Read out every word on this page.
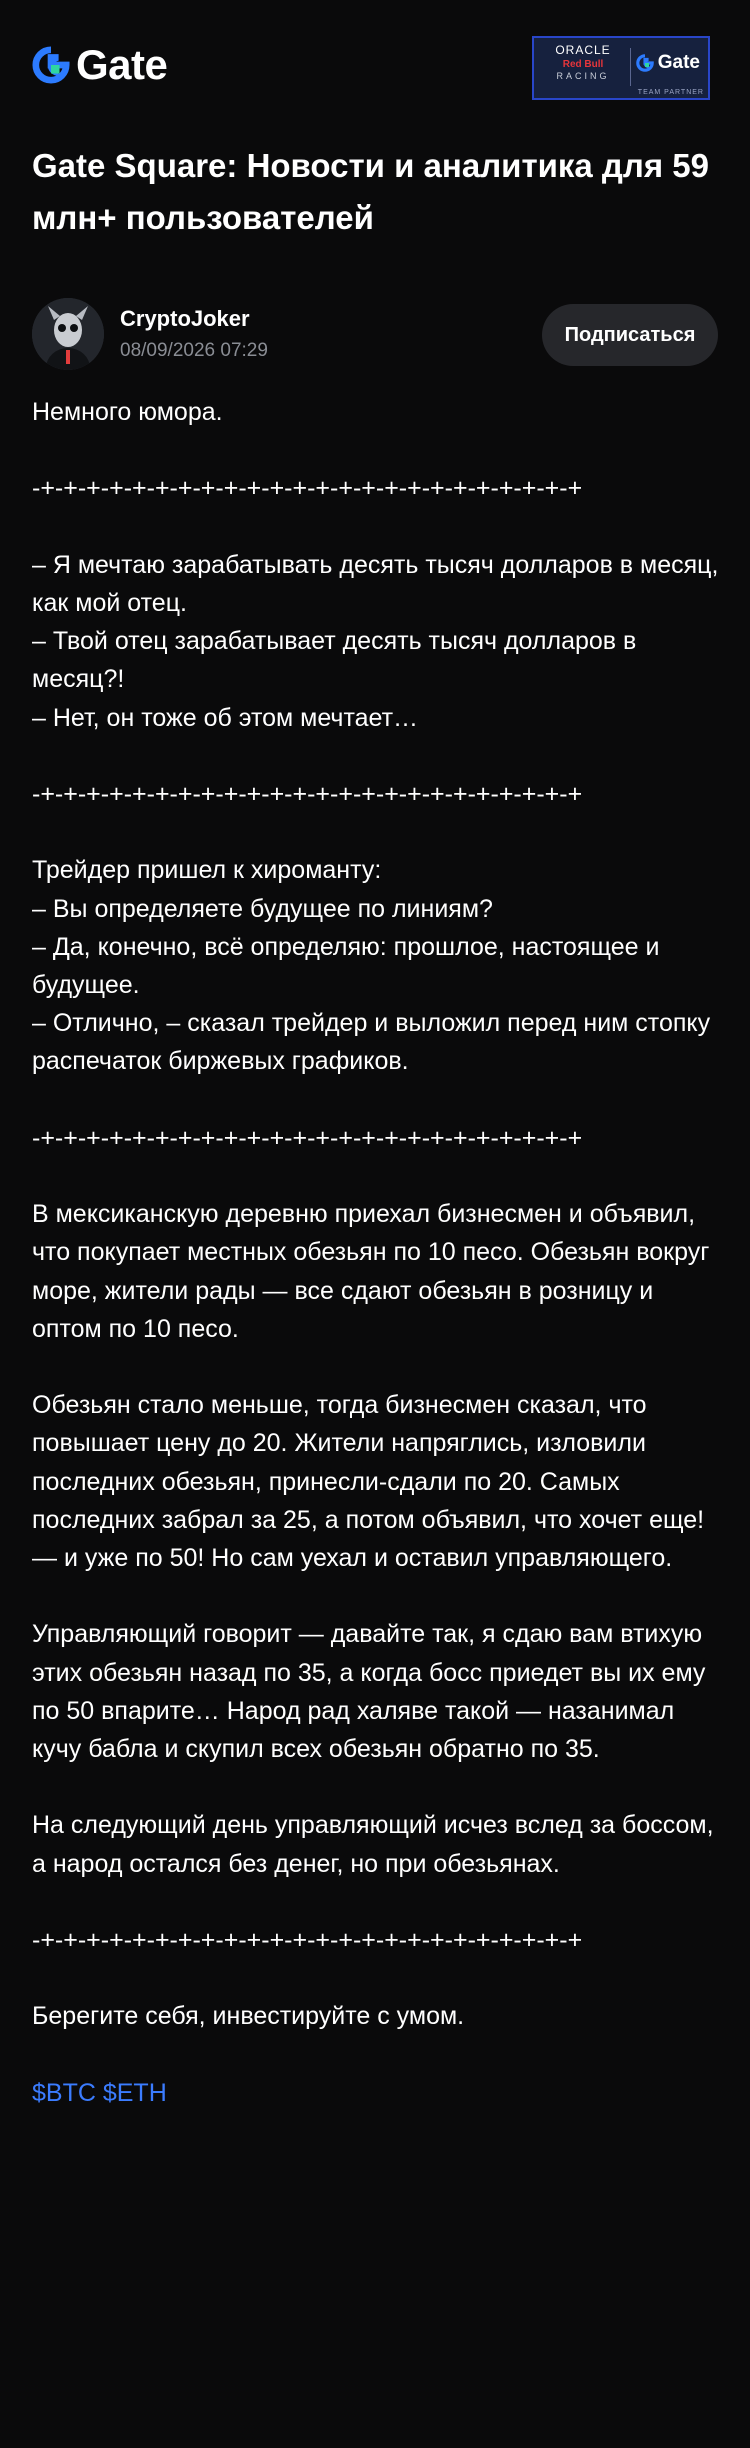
Gate	ORACLE
Red Bull
RACING
Gate
TEAM PARTNER
Gate Square: Новости и аналитика для 59 млн+ пользователей
CryptoJoker
08/09/2026 07:29
Подписаться

Немного юмора.

-+-+-+-+-+-+-+-+-+-+-+-+-+-+-+-+-+-+-+-+-+-+-+-+

– Я мечтаю зарабатывать десять тысяч долларов в месяц, как мой отец.

– Твой отец зарабатывает десять тысяч долларов в месяц?!

– Нет, он тоже об этом мечтает…

-+-+-+-+-+-+-+-+-+-+-+-+-+-+-+-+-+-+-+-+-+-+-+-+

Трейдер пришел к хироманту:

– Вы определяете будущее по линиям?

– Да, конечно, всё определяю: прошлое, настоящее и будущее.

– Отлично, – сказал трейдер и выложил перед ним стопку распечаток биржевых графиков.

-+-+-+-+-+-+-+-+-+-+-+-+-+-+-+-+-+-+-+-+-+-+-+-+

В мексиканскую деревню приехал бизнесмен и объявил, что покупает местных обезьян по 10 песо. Обезьян вокруг море, жители рады — все сдают обезьян в розницу и оптом по 10 песо.

Обезьян стало меньше, тогда бизнесмен сказал, что повышает цену до 20. Жители напряглись, изловили последних обезьян, принесли-сдали по 20. Самых последних забрал за 25, а потом объявил, что хочет еще! — и уже по 50! Но сам уехал и оставил управляющего.

Управляющий говорит — давайте так, я сдаю вам втихую этих обезьян назад по 35, а когда босс приедет вы их ему по 50 впарите… Народ рад халяве такой — назанимал кучу бабла и скупил всех обезьян обратно по 35.

На следующий день управляющий исчез вслед за боссом, а народ остался без денег, но при обезьянах.

-+-+-+-+-+-+-+-+-+-+-+-+-+-+-+-+-+-+-+-+-+-+-+-+

Берегите себя, инвестируйте с умом.

$BTC $ETH
